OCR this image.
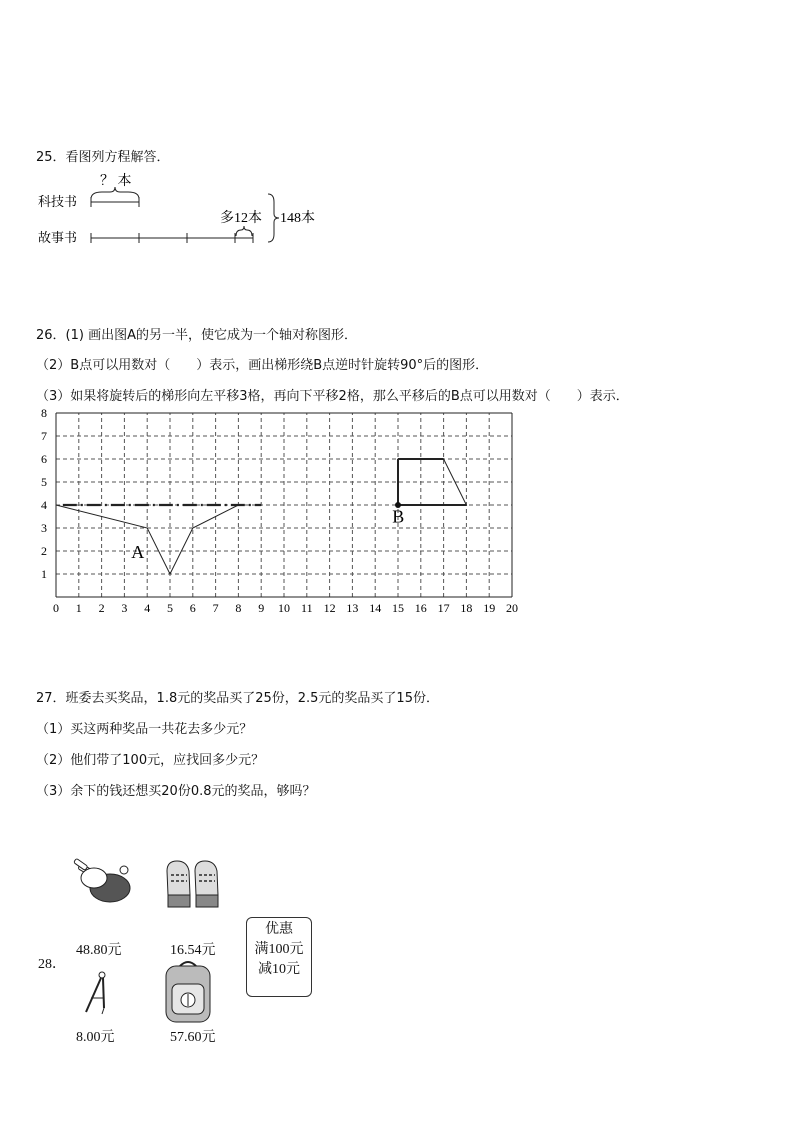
25．看图列方程解答．
科技书
故事书
？ 本
多12本 148本
26．(1) 画出图A的另一半，使它成为一个轴对称图形．
（2）B点可以用数对（　　）表示，画出梯形绕B点逆时针旋转90°后的图形．
（3）如果将旋转后的梯形向左平移3格，再向下平移2格，那么平移后的B点可以用数对（　　）表示．
0 1 2 3 4 5 6 7 8 9 10 11 12 13 14 15 16 17 18 19 20
1
2
3
4
5
6
7
8
A
B
27．班委去买奖品，1.8元的奖品买了25份，2.5元的奖品买了15份．
（1）买这两种奖品一共花去多少元？
（2）他们带了100元，应找回多少元？
（3）余下的钱还想买20份0.8元的奖品，够吗？
28．
48.80元	16.54元
8.00元	57.60元
优惠
满100元
减10元
